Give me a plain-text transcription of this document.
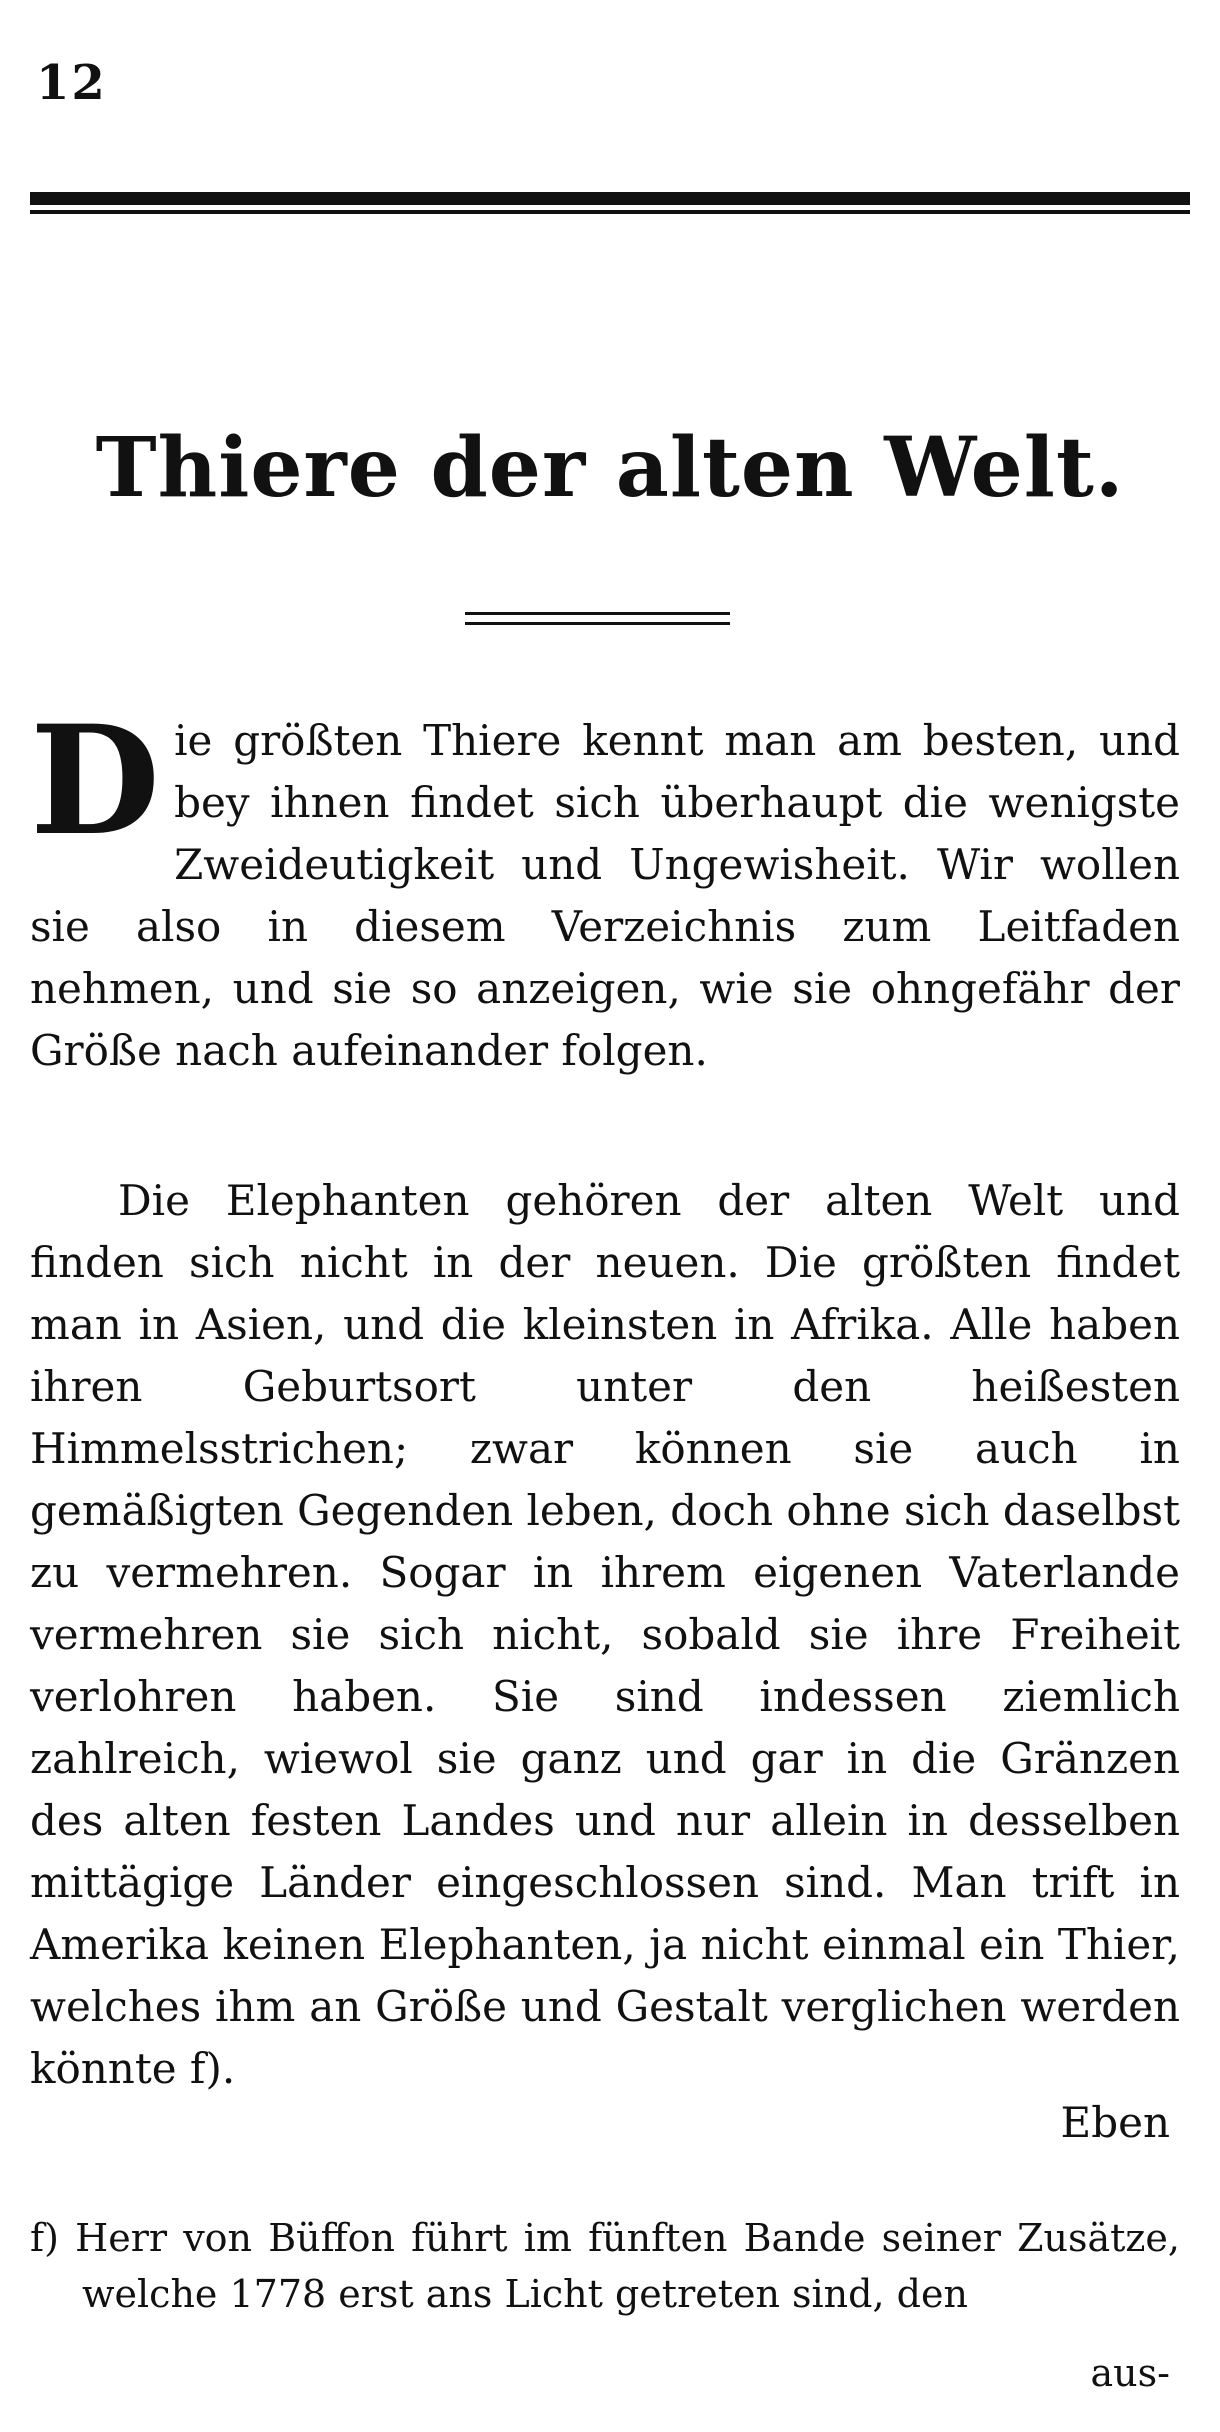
12
Thiere der alten Welt.

Die größten Thiere kennt man am besten, und bey ihnen findet sich überhaupt die wenigste Zweideutigkeit und Ungewisheit. Wir wollen sie also in diesem Verzeichnis zum Leitfaden nehmen, und sie so anzeigen, wie sie ohngefähr der Größe nach aufeinander folgen.

Die Elephanten gehören der alten Welt und finden sich nicht in der neuen. Die größten findet man in Asien, und die kleinsten in Afrika. Alle haben ihren Geburtsort unter den heißesten Himmelsstrichen; zwar können sie auch in gemäßigten Gegenden leben, doch ohne sich daselbst zu vermehren. Sogar in ihrem eigenen Vaterlande vermehren sie sich nicht, sobald sie ihre Freiheit verlohren haben. Sie sind indessen ziemlich zahlreich, wiewol sie ganz und gar in die Gränzen des alten festen Landes und nur allein in desselben mittägige Länder eingeschlossen sind. Man trift in Amerika keinen Elephanten, ja nicht einmal ein Thier, welches ihm an Größe und Gestalt verglichen werden könnte f).

Eben

f) Herr von Büffon führt im fünften Bande seiner Zusätze, welche 1778 erst ans Licht getreten sind, den

aus-
